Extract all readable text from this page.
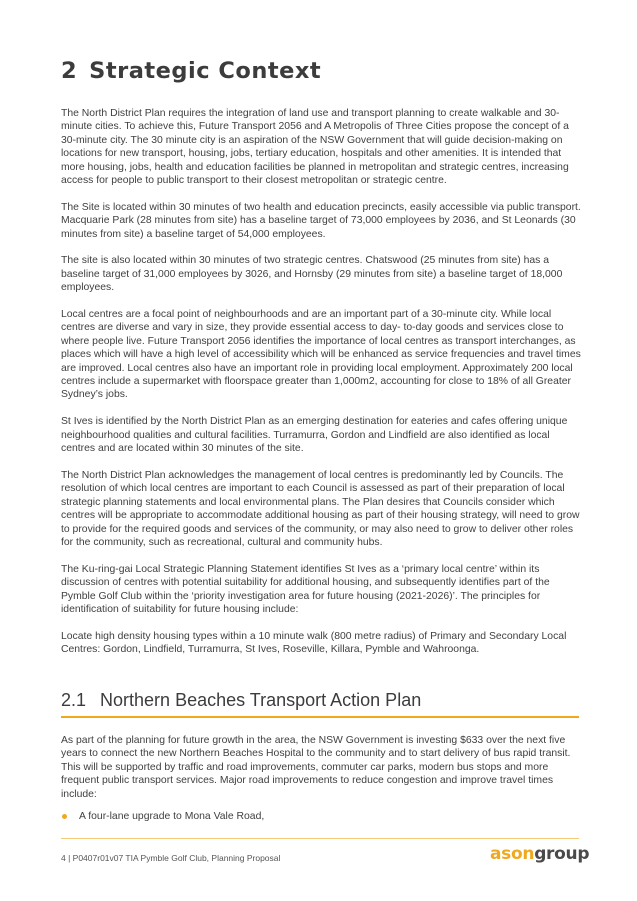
2 Strategic Context

The North District Plan requires the integration of land use and transport planning to create walkable and 30-minute cities. To achieve this, Future Transport 2056 and A Metropolis of Three Cities propose the concept of a 30-minute city. The 30 minute city is an aspiration of the NSW Government that will guide decision-making on locations for new transport, housing, jobs, tertiary education, hospitals and other amenities. It is intended that more housing, jobs, health and education facilities be planned in metropolitan and strategic centres, increasing access for people to public transport to their closest metropolitan or strategic centre.

The Site is located within 30 minutes of two health and education precincts, easily accessible via public transport. Macquarie Park (28 minutes from site) has a baseline target of 73,000 employees by 2036, and St Leonards (30 minutes from site) a baseline target of 54,000 employees.

The site is also located within 30 minutes of two strategic centres. Chatswood (25 minutes from site) has a baseline target of 31,000 employees by 3026, and Hornsby (29 minutes from site) a baseline target of 18,000 employees.

Local centres are a focal point of neighbourhoods and are an important part of a 30-minute city. While local centres are diverse and vary in size, they provide essential access to day- to-day goods and services close to where people live. Future Transport 2056 identifies the importance of local centres as transport interchanges, as places which will have a high level of accessibility which will be enhanced as service frequencies and travel times are improved. Local centres also have an important role in providing local employment. Approximately 200 local centres include a supermarket with floorspace greater than 1,000m2, accounting for close to 18% of all Greater Sydney’s jobs.

St Ives is identified by the North District Plan as an emerging destination for eateries and cafes offering unique neighbourhood qualities and cultural facilities. Turramurra, Gordon and Lindfield are also identified as local centres and are located within 30 minutes of the site.

The North District Plan acknowledges the management of local centres is predominantly led by Councils. The resolution of which local centres are important to each Council is assessed as part of their preparation of local strategic planning statements and local environmental plans. The Plan desires that Councils consider which centres will be appropriate to accommodate additional housing as part of their housing strategy, will need to grow to provide for the required goods and services of the community, or may also need to grow to deliver other roles for the community, such as recreational, cultural and community hubs.

The Ku-ring-gai Local Strategic Planning Statement identifies St Ives as a ‘primary local centre’ within its discussion of centres with potential suitability for additional housing, and subsequently identifies part of the Pymble Golf Club within the ‘priority investigation area for future housing (2021-2026)’. The principles for identification of suitability for future housing include:

Locate high density housing types within a 10 minute walk (800 metre radius) of Primary and Secondary Local Centres: Gordon, Lindfield, Turramurra, St Ives, Roseville, Killara, Pymble and Wahroonga.

2.1 Northern Beaches Transport Action Plan

As part of the planning for future growth in the area, the NSW Government is investing $633 over the next five years to connect the new Northern Beaches Hospital to the community and to start delivery of bus rapid transit. This will be supported by traffic and road improvements, commuter car parks, modern bus stops and more frequent public transport services. Major road improvements to reduce congestion and improve travel times include:

A four-lane upgrade to Mona Vale Road,
4 | P0407r01v07 TIA Pymble Golf Club, Planning Proposal	asongroup
